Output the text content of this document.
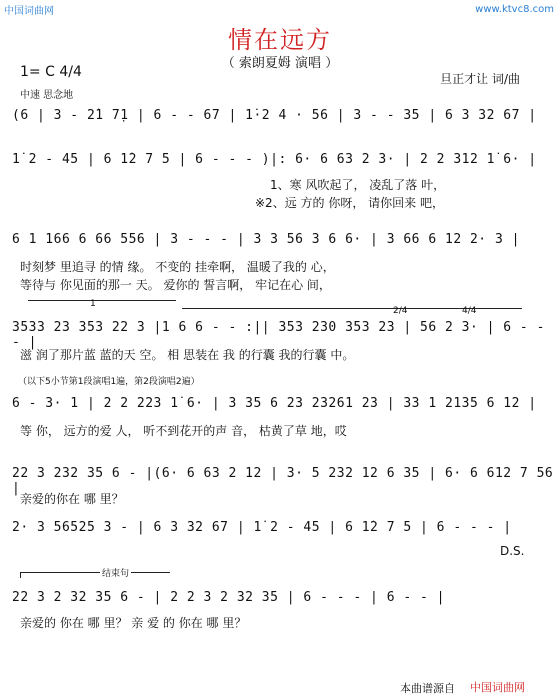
中国词曲网	www.ktvc8.com
情在远方
（ 索朗夏姆 演唱 ）
1= C 4/4
中速 思念地
旦正才让 词/曲
(6 | 3 - 2̇1 7̣1 | 6 - - 67 | 1̇·2 4 · 56 | 3 - - 35 | 6 3 32 67 |
1̇ 2 - 45 | 6 1̇2 7 5 | 6 - - - )|: 6· 6 63 2 3· | 2 2 312 1̇ 6· |
1、寒 风吹起了， 凌乱了落 叶，
※2、远 方的 你呀， 请你回来 吧，
6 1 166 6 66 556 | 3 - - - | 3 3 56 3 6 6· | 3 66 6 12 2· 3 |
时刻梦 里追寻 的情 缘。 不变的 挂牵啊， 温暖了我的 心，
等待与 你见面的那一 天。 爱你的 誓言啊， 牢记在心 间，
1
2/4	4/4
3533 23 353 22 3 |1 6 6 - - :|| 353 230 353 23 | 56 2 3· | 6 - - - |
滋 润了那片蓝 蓝的天 空。 相 思装在 我 的行囊 我的行囊 中。
（以下5小节第1段演唱1遍，第2段演唱2遍）
6 - 3· 1 | 2 2 223 1̇ 6· | 3 35 6 23 23261 23 | 33 1 2135 6 12 |
等 你， 远方的爱 人， 听不到花开的声 音， 枯黄了草 地，哎
22 3 232 35 6 - |(6· 6 63 2 12 | 3· 5 232 12 6 35 | 6· 6 612 7 56 |
亲爱的你在 哪 里？
2· 3 56525 3 - | 6 3 32 67 | 1̇ 2 - 45 | 6 1̇2 7 5 | 6 - - - |
D.S.
结束句
22 3 2 32 35 6 - | 2 2 3 2 32 35 | 6 - - - | 6 - - |
亲爱的 你在 哪 里？ 亲 爱 的 你在 哪 里？
本曲谱源自 中国词曲网
